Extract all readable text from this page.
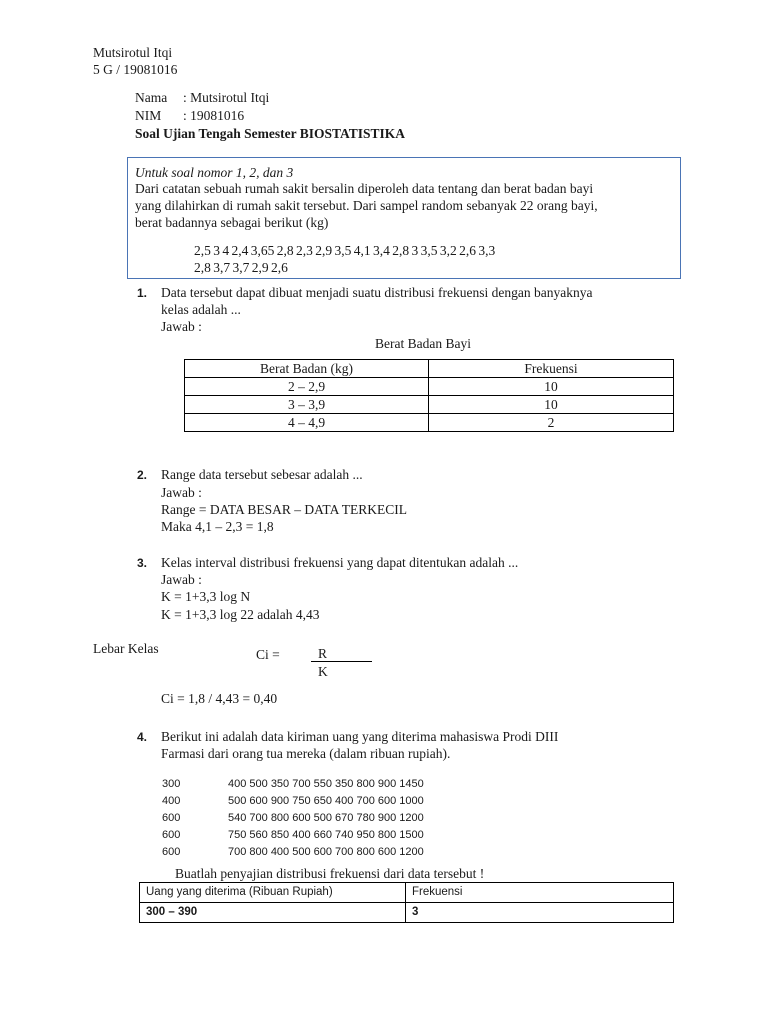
Mutsirotul Itqi
5 G / 19081016
Nama : Mutsirotul Itqi
NIM : 19081016
Soal Ujian Tengah Semester BIOSTATISTIKA
Untuk soal nomor 1, 2, dan 3
Dari catatan sebuah rumah sakit bersalin diperoleh data tentang dan berat badan bayi
yang dilahirkan di rumah sakit tersebut. Dari sampel random sebanyak 22 orang bayi,
berat badannya sebagai berikut (kg)
2,5 3 4 2,4 3,65 2,8 2,3 2,9 3,5 4,1 3,4 2,8 3 3,5 3,2 2,6 3,3
2,8 3,7 3,7 2,9 2,6
1. Data tersebut dapat dibuat menjadi suatu distribusi frekuensi dengan banyaknya
kelas adalah ...
Jawab :
Berat Badan Bayi
Berat Badan (kg)	Frekuensi
2 – 2,9	10
3 – 3,9	10
4 – 4,9	2
2. Range data tersebut sebesar adalah ...
Jawab :
Range = DATA BESAR – DATA TERKECIL
Maka 4,1 – 2,3 = 1,8
3. Kelas interval distribusi frekuensi yang dapat ditentukan adalah ...
Jawab :
K = 1+3,3 log N
K = 1+3,3 log 22 adalah 4,43
Lebar Kelas	Ci =	R
K
Ci = 1,8 / 4,43 = 0,40
4. Berikut ini adalah data kiriman uang yang diterima mahasiswa Prodi DIII
Farmasi dari orang tua mereka (dalam ribuan rupiah).
300	400 500 350 700 550 350 800 900 1450
400	500 600 900 750 650 400 700 600 1000
600	540 700 800 600 500 670 780 900 1200
600	750 560 850 400 660 740 950 800 1500
600	700 800 400 500 600 700 800 600 1200
Buatlah penyajian distribusi frekuensi dari data tersebut !
Uang yang diterima (Ribuan Rupiah)	Frekuensi
300 – 390	3
